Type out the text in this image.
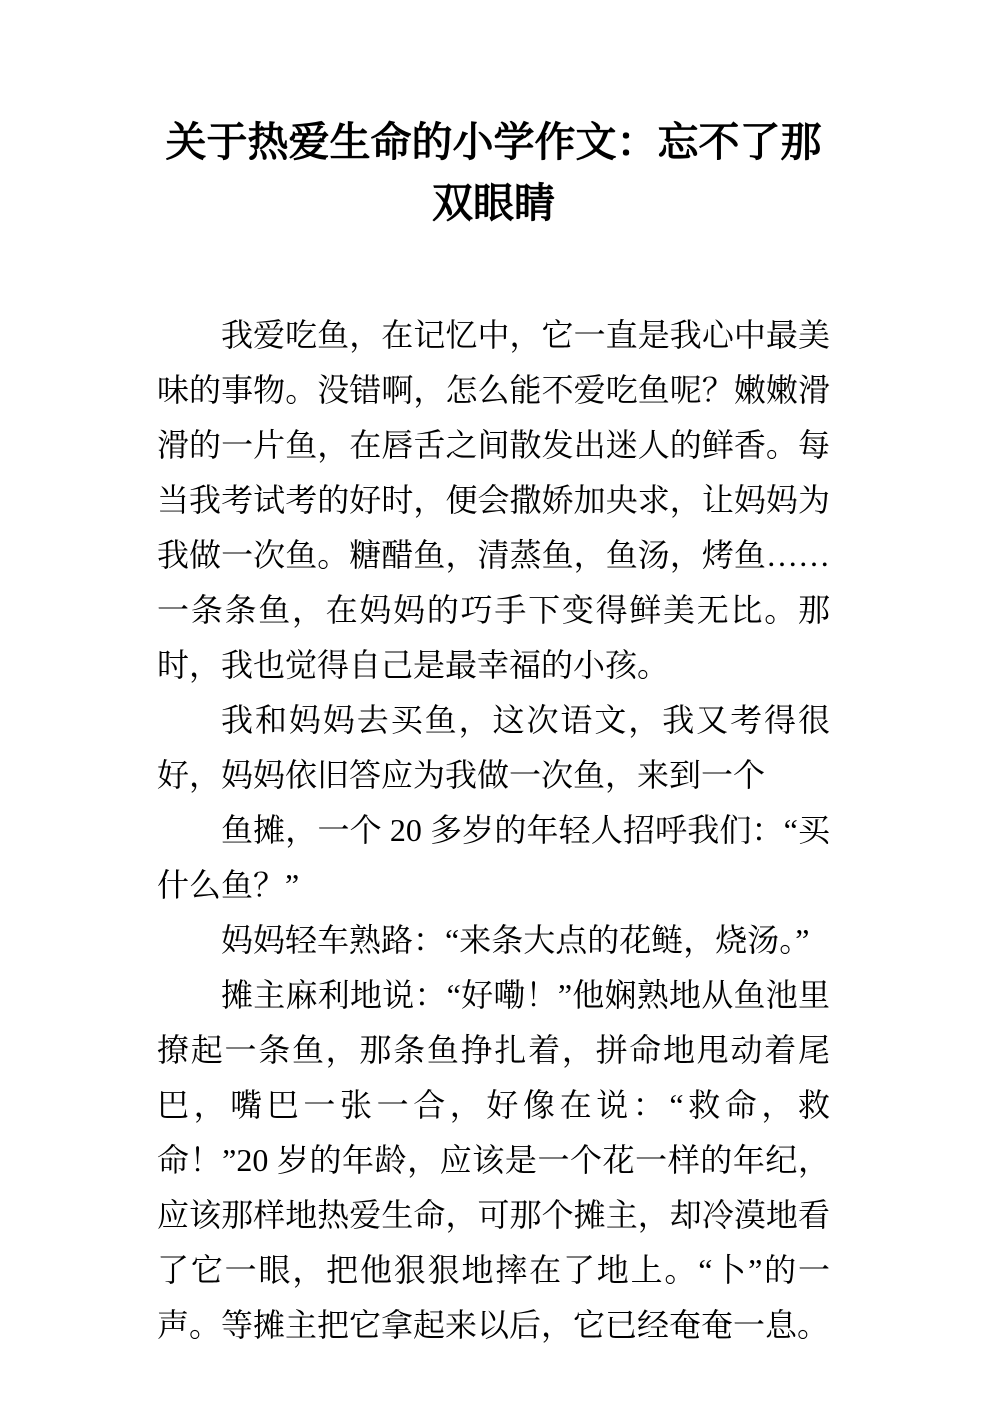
关于热爱生命的小学作文：忘不了那双眼睛

我爱吃鱼，在记忆中，它一直是我心中最美味的事物。没错啊，怎么能不爱吃鱼呢？嫩嫩滑滑的一片鱼，在唇舌之间散发出迷人的鲜香。每当我考试考的好时，便会撒娇加央求，让妈妈为我做一次鱼。糖醋鱼，清蒸鱼，鱼汤，烤鱼……一条条鱼，在妈妈的巧手下变得鲜美无比。那时，我也觉得自己是最幸福的小孩。

我和妈妈去买鱼，这次语文，我又考得很好，妈妈依旧答应为我做一次鱼，来到一个

鱼摊，一个 20 多岁的年轻人招呼我们：“买什么鱼？”

妈妈轻车熟路：“来条大点的花鲢，烧汤。”

摊主麻利地说：“好嘞！”他娴熟地从鱼池里撩起一条鱼，那条鱼挣扎着，拼命地甩动着尾巴，嘴巴一张一合，好像在说：“救命，救命！”20 岁的年龄，应该是一个花一样的年纪，应该那样地热爱生命，可那个摊主，却冷漠地看了它一眼，把他狠狠地摔在了地上。“卜”的一声。等摊主把它拿起来以后，它已经奄奄一息。
